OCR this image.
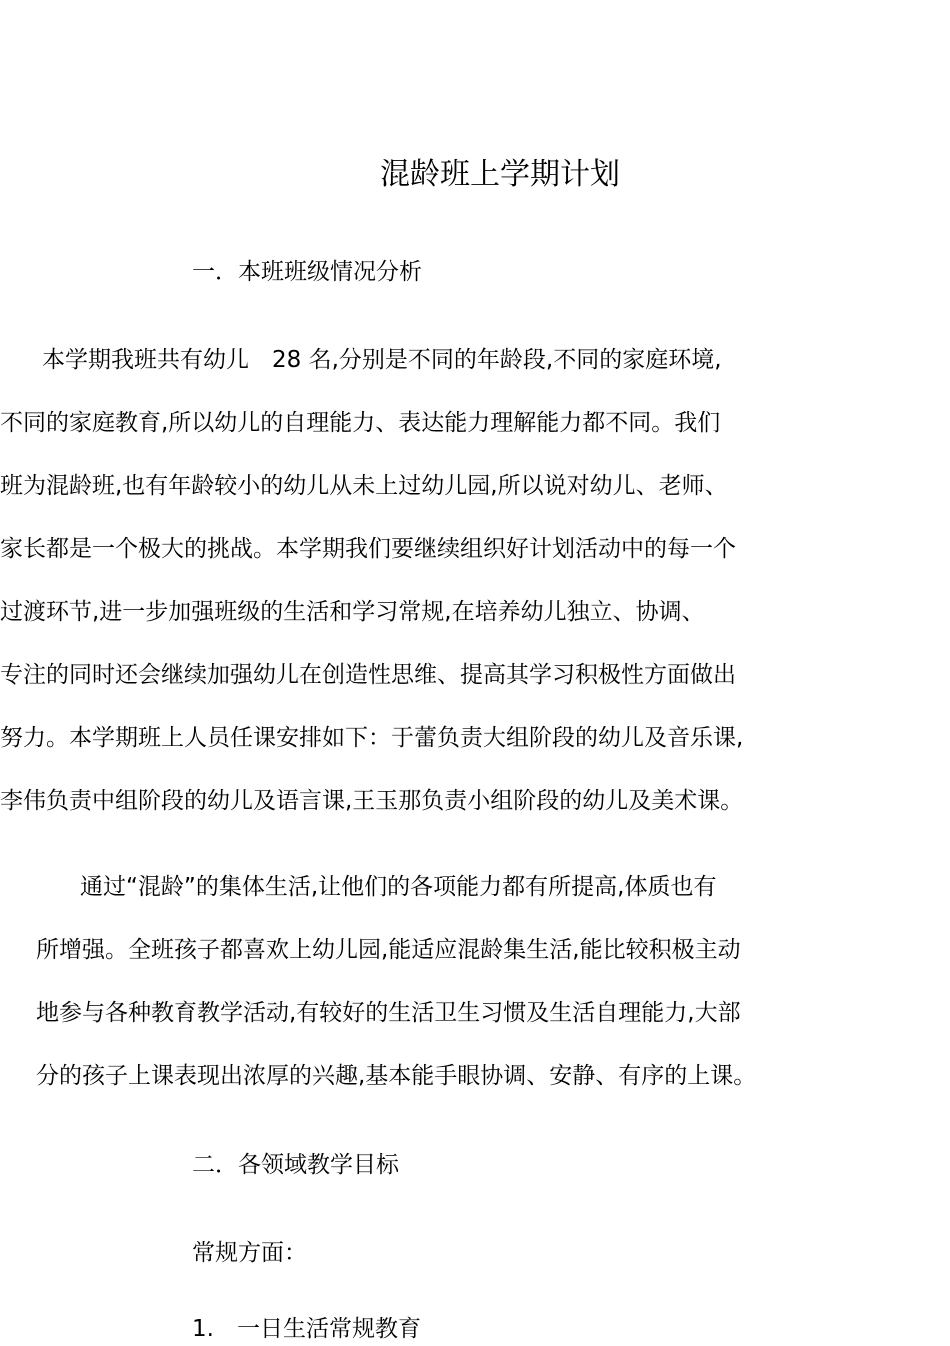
混龄班上学期计划
一．本班班级情况分析
本学期我班共有幼儿　28 名,分别是不同的年龄段,不同的家庭环境,
不同的家庭教育,所以幼儿的自理能力、表达能力理解能力都不同。我们
班为混龄班,也有年龄较小的幼儿从未上过幼儿园,所以说对幼儿、老师、
家长都是一个极大的挑战。本学期我们要继续组织好计划活动中的每一个
过渡环节,进一步加强班级的生活和学习常规,在培养幼儿独立、协调、
专注的同时还会继续加强幼儿在创造性思维、提高其学习积极性方面做出
努力。本学期班上人员任课安排如下：于蕾负责大组阶段的幼儿及音乐课,
李伟负责中组阶段的幼儿及语言课,王玉那负责小组阶段的幼儿及美术课。
通过“混龄”的集体生活,让他们的各项能力都有所提高,体质也有
所增强。全班孩子都喜欢上幼儿园,能适应混龄集生活,能比较积极主动
地参与各种教育教学活动,有较好的生活卫生习惯及生活自理能力,大部
分的孩子上课表现出浓厚的兴趣,基本能手眼协调、安静、有序的上课。
二．各领域教学目标
常规方面：
1.　一日生活常规教育
